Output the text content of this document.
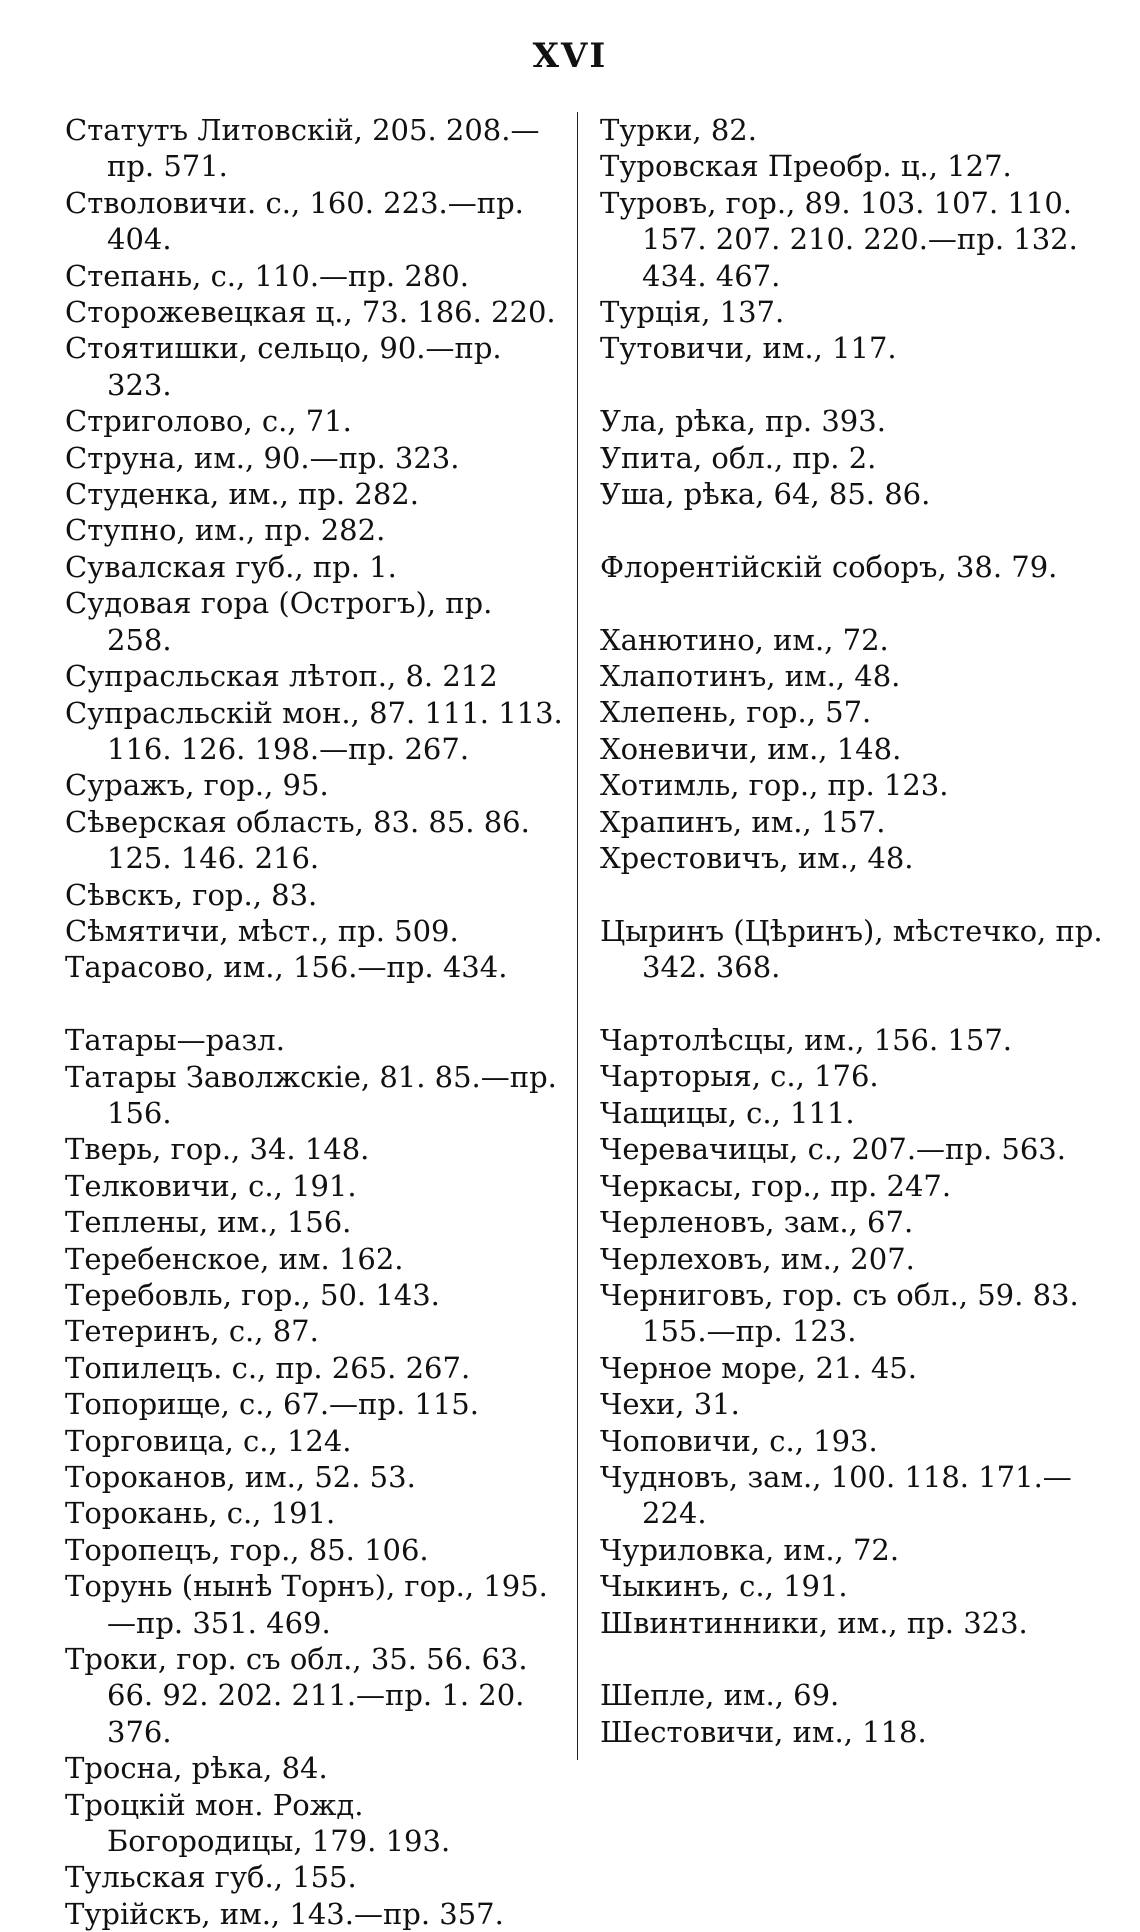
XVI
Статутъ Литовскій, 205. 208.—пр. 571.
Стволовичи. с., 160. 223.—пр. 404.
Степань, с., 110.—пр. 280.
Сторожевецкая ц., 73. 186. 220.
Стоятишки, сельцо, 90.—пр. 323.
Стриголово, с., 71.
Струна, им., 90.—пр. 323.
Студенка, им., пр. 282.
Ступно, им., пр. 282.
Сувалская губ., пр. 1.
Судовая гора (Острогъ), пр. 258.
Супрасльская лѣтоп., 8. 212
Супрасльскій мон., 87. 111. 113. 116. 126. 198.—пр. 267.
Суражъ, гор., 95.
Сѣверская область, 83. 85. 86. 125. 146. 216.
Сѣвскъ, гор., 83.
Сѣмятичи, мѣст., пр. 509.
Тарасово, им., 156.—пр. 434.
Татары—разл.
Татары Заволжскіе, 81. 85.—пр. 156.
Тверь, гор., 34. 148.
Телковичи, с., 191.
Теплены, им., 156.
Теребенское, им. 162.
Теребовль, гор., 50. 143.
Тетеринъ, с., 87.
Топилецъ. с., пр. 265. 267.
Топорище, с., 67.—пр. 115.
Торговица, с., 124.
Тороканов, им., 52. 53.
Торокань, с., 191.
Торопецъ, гор., 85. 106.
Торунь (нынѣ Торнъ), гор., 195.—пр. 351. 469.
Троки, гор. съ обл., 35. 56. 63. 66. 92. 202. 211.—пр. 1. 20. 376.
Тросна, рѣка, 84.
Троцкій мон. Рожд. Богородицы, 179. 193.
Тульская губ., 155.
Турійскъ, им., 143.—пр. 357.
Турки, 82.
Туровская Преобр. ц., 127.
Туровъ, гор., 89. 103. 107. 110. 157. 207. 210. 220.—пр. 132. 434. 467.
Турція, 137.
Тутовичи, им., 117.
Ула, рѣка, пр. 393.
Упита, обл., пр. 2.
Уша, рѣка, 64, 85. 86.
Флорентійскій соборъ, 38. 79.
Ханютино, им., 72.
Хлапотинъ, им., 48.
Хлепень, гор., 57.
Хоневичи, им., 148.
Хотимль, гор., пр. 123.
Храпинъ, им., 157.
Хрестовичъ, им., 48.
Цыринъ (Цѣринъ), мѣстечко, пр. 342. 368.
Чартолѣсцы, им., 156. 157.
Чарторыя, с., 176.
Чащицы, с., 111.
Черевачицы, с., 207.—пр. 563.
Черкасы, гор., пр. 247.
Черленовъ, зам., 67.
Черлеховъ, им., 207.
Черниговъ, гор. съ обл., 59. 83. 155.—пр. 123.
Черное море, 21. 45.
Чехи, 31.
Чоповичи, с., 193.
Чудновъ, зам., 100. 118. 171.—224.
Чуриловка, им., 72.
Чыкинъ, с., 191.
Швинтинники, им., пр. 323.
Шепле, им., 69.
Шестовичи, им., 118.
